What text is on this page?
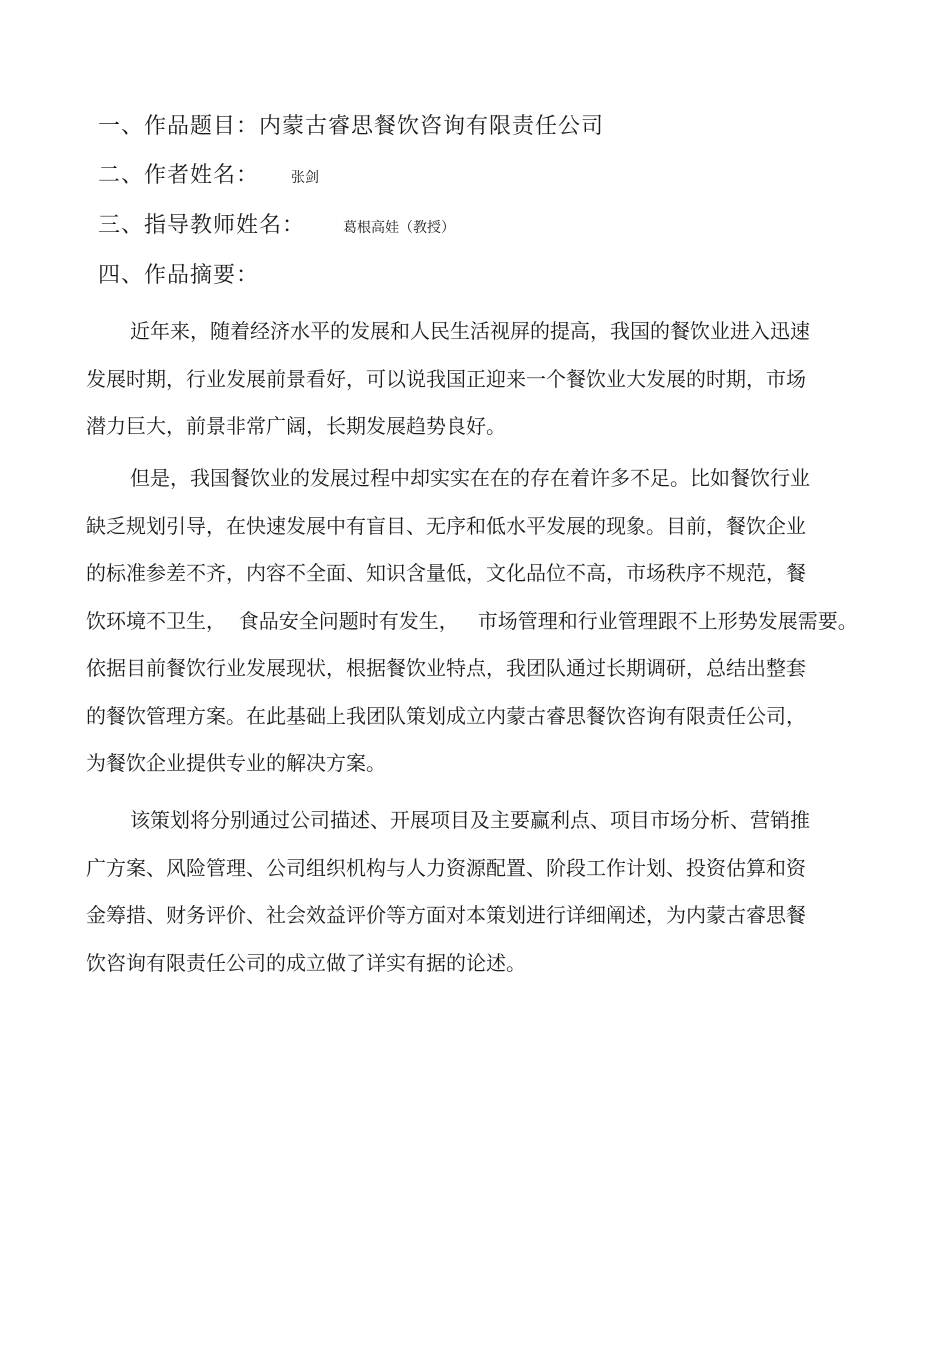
一、作品题目：内蒙古睿思餐饮咨询有限责任公司
二、作者姓名： 张剑
三、指导教师姓名：	葛根高娃（教授）
四、作品摘要：

近年来，随着经济水平的发展和人民生活视屏的提高，我国的餐饮业进入迅速
发展时期，行业发展前景看好，可以说我国正迎来一个餐饮业大发展的时期，市场
潜力巨大，前景非常广阔，长期发展趋势良好。

但是，我国餐饮业的发展过程中却实实在在的存在着许多不足。比如餐饮行业
缺乏规划引导，在快速发展中有盲目、无序和低水平发展的现象。目前，餐饮企业
的标准参差不齐，内容不全面、知识含量低，文化品位不高，市场秩序不规范，餐
饮环境不卫生，  食品安全问题时有发生，   市场管理和行业管理跟不上形势发展需要。
依据目前餐饮行业发展现状，根据餐饮业特点，我团队通过长期调研，总结出整套
的餐饮管理方案。在此基础上我团队策划成立内蒙古睿思餐饮咨询有限责任公司，
为餐饮企业提供专业的解决方案。

该策划将分别通过公司描述、开展项目及主要赢利点、项目市场分析、营销推
广方案、风险管理、公司组织机构与人力资源配置、阶段工作计划、投资估算和资
金筹措、财务评价、社会效益评价等方面对本策划进行详细阐述，为内蒙古睿思餐
饮咨询有限责任公司的成立做了详实有据的论述。
